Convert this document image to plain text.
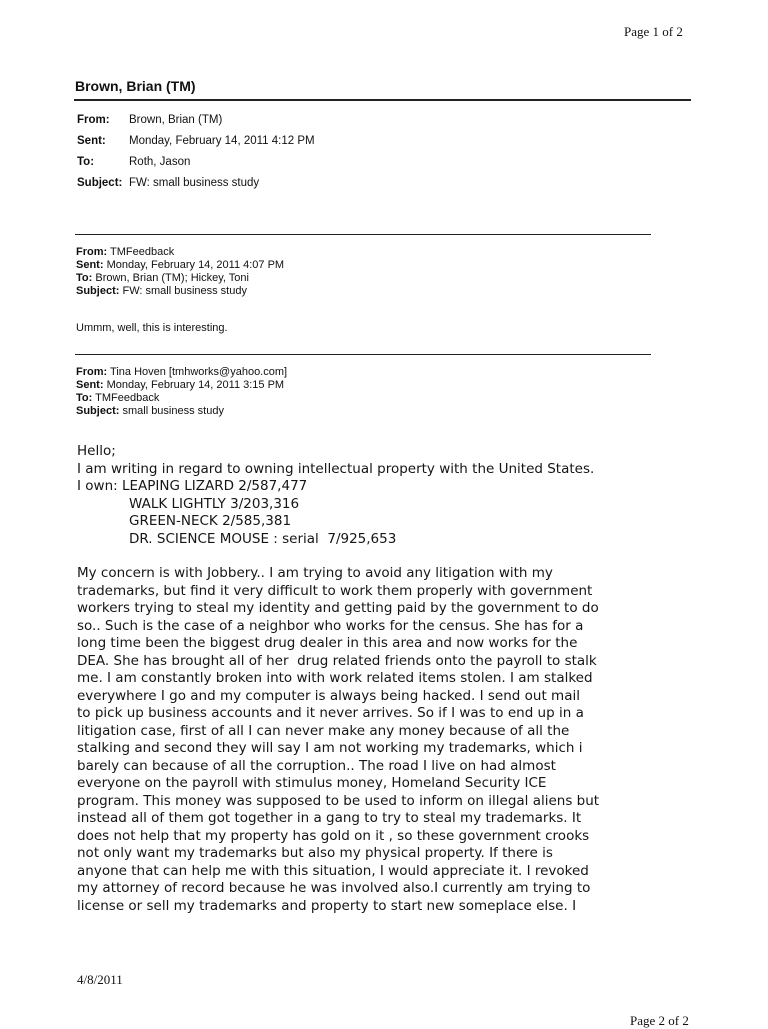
Page 1 of 2
Brown, Brian (TM)
From: Brown, Brian (TM)
Sent: Monday, February 14, 2011 4:12 PM
To:	Roth, Jason
Subject: FW: small business study
From: TMFeedback
Sent: Monday, February 14, 2011 4:07 PM
To: Brown, Brian (TM); Hickey, Toni
Subject: FW: small business study
Ummm, well, this is interesting.
From: Tina Hoven [tmhworks@yahoo.com]
Sent: Monday, February 14, 2011 3:15 PM
To: TMFeedback
Subject: small business study
Hello;
I am writing in regard to owning intellectual property with the United States.
I own: LEAPING LIZARD 2/587,477
WALK LIGHTLY 3/203,316
GREEN-NECK 2/585,381
DR. SCIENCE MOUSE : serial  7/925,653
My concern is with Jobbery.. I am trying to avoid any litigation with my
trademarks, but find it very difficult to work them properly with government
workers trying to steal my identity and getting paid by the government to do
so.. Such is the case of a neighbor who works for the census. She has for a
long time been the biggest drug dealer in this area and now works for the
DEA. She has brought all of her  drug related friends onto the payroll to stalk
me. I am constantly broken into with work related items stolen. I am stalked
everywhere I go and my computer is always being hacked. I send out mail
to pick up business accounts and it never arrives. So if I was to end up in a
litigation case, first of all I can never make any money because of all the
stalking and second they will say I am not working my trademarks, which i
barely can because of all the corruption.. The road I live on had almost
everyone on the payroll with stimulus money, Homeland Security ICE
program. This money was supposed to be used to inform on illegal aliens but
instead all of them got together in a gang to try to steal my trademarks. It
does not help that my property has gold on it , so these government crooks
not only want my trademarks but also my physical property. If there is
anyone that can help me with this situation, I would appreciate it. I revoked
my attorney of record because he was involved also.I currently am trying to
license or sell my trademarks and property to start new someplace else. I
4/8/2011
Page 2 of 2
